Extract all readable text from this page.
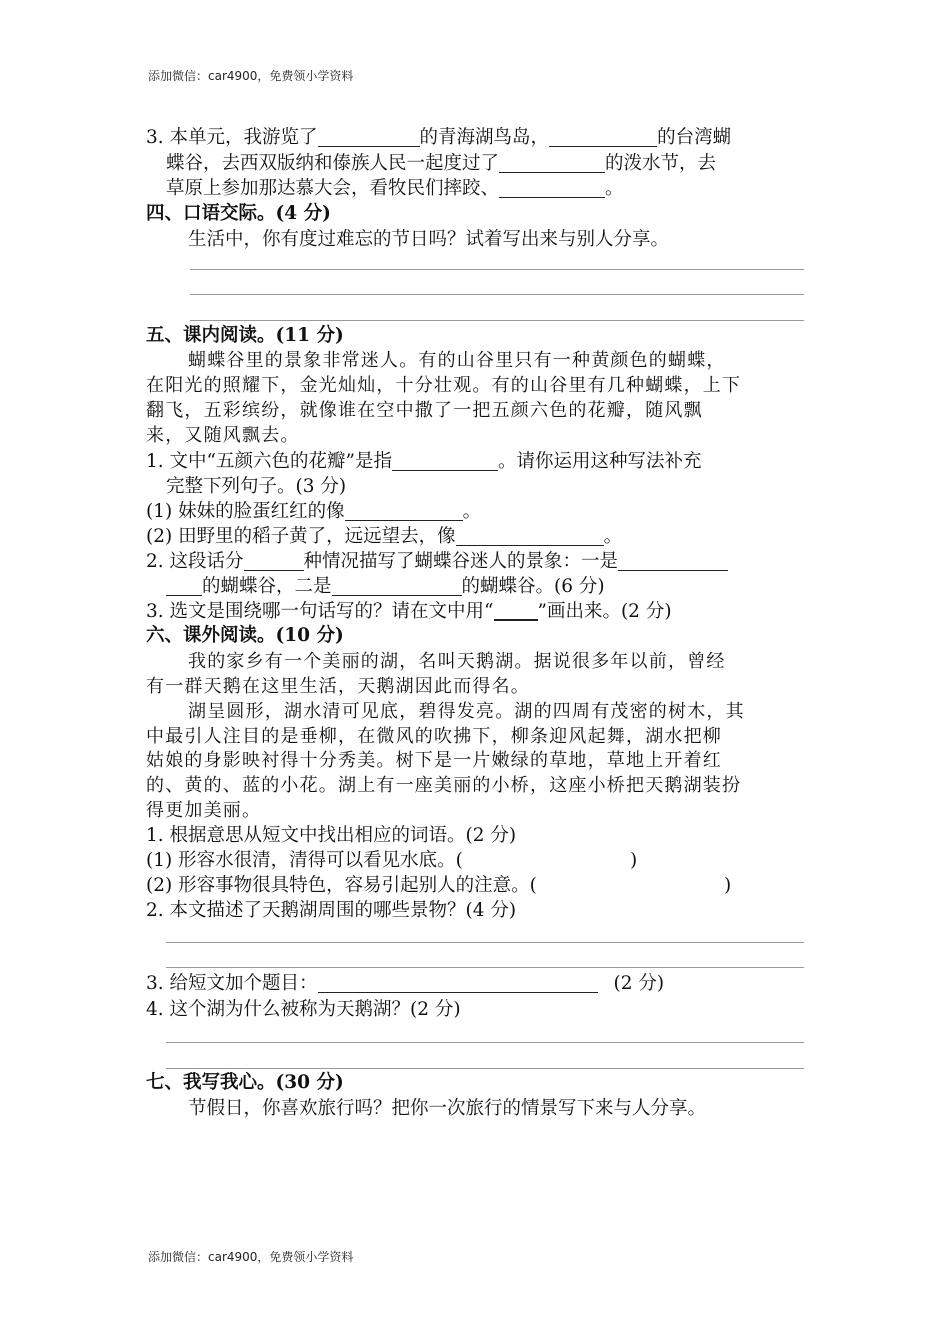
添加微信：car4900，免费领小学资料
3. 本单元，我游览了	的青海湖鸟岛，	的台湾蝴
蝶谷，去西双版纳和傣族人民一起度过了	的泼水节，去
草原上参加那达慕大会，看牧民们摔跤、	。
四、口语交际。(4 分)
生活中，你有度过难忘的节日吗？试着写出来与别人分享。
五、课内阅读。(11 分)
蝴蝶谷里的景象非常迷人。有的山谷里只有一种黄颜色的蝴蝶，
在阳光的照耀下，金光灿灿，十分壮观。有的山谷里有几种蝴蝶，上下
翻飞，五彩缤纷，就像谁在空中撒了一把五颜六色的花瓣，随风飘
来，又随风飘去。
1. 文中“五颜六色的花瓣”是指	。请你运用这种写法补充
完整下列句子。(3 分)
(1) 妹妹的脸蛋红红的像	。
(2) 田野里的稻子黄了，远远望去，像	。
2. 这段话分	种情况描写了蝴蝶谷迷人的景象：一是
的蝴蝶谷，二是	的蝴蝶谷。(6 分)
3. 选文是围绕哪一句话写的？请在文中用“ ”画出来。(2 分)
六、课外阅读。(10 分)
我的家乡有一个美丽的湖，名叫天鹅湖。据说很多年以前，曾经
有一群天鹅在这里生活，天鹅湖因此而得名。
湖呈圆形，湖水清可见底，碧得发亮。湖的四周有茂密的树木，其
中最引人注目的是垂柳，在微风的吹拂下，柳条迎风起舞，湖水把柳
姑娘的身影映衬得十分秀美。树下是一片嫩绿的草地，草地上开着红
的、黄的、蓝的小花。湖上有一座美丽的小桥，这座小桥把天鹅湖装扮
得更加美丽。
1. 根据意思从短文中找出相应的词语。(2 分)
(1) 形容水很清，清得可以看见水底。(	)
(2) 形容事物很具特色，容易引起别人的注意。(	)
2. 本文描述了天鹅湖周围的哪些景物？(4 分)
3. 给短文加个题目：	(2 分)
4. 这个湖为什么被称为天鹅湖？(2 分)
七、我写我心。(30 分)
节假日，你喜欢旅行吗？把你一次旅行的情景写下来与人分享。
添加微信：car4900，免费领小学资料
